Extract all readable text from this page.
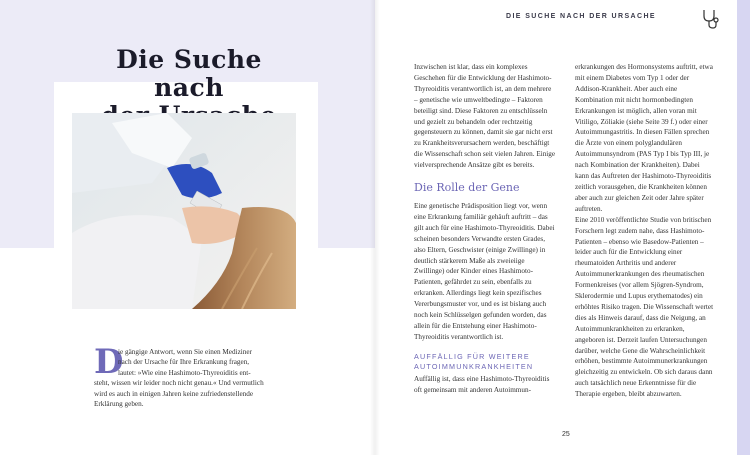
Die Suche nach
D
ie gängige Antwort, wenn Sie einen Mediziner
nach der Ursache für Ihre Erkrankung fragen,
lautet: »Wie eine Hashimoto-Thyreoiditis ent-
steht, wissen wir leider noch nicht genau.« Und vermutlich wird es auch in einigen Jahren keine zufriedenstellende Erklärung geben.
DIE SUCHE NACH DER URSACHE

Inzwischen ist klar, dass ein komplexes Geschehen für die Entwicklung der Hashimoto-Thyreoiditis verantwortlich ist, an dem mehrere – genetische wie umweltbedingte – Faktoren beteiligt sind. Diese Faktoren zu entschlüsseln und gezielt zu behandeln oder rechtzeitig gegensteuern zu können, damit sie gar nicht erst zu Krankheitsverursachern werden, beschäftigt die Wissenschaft schon seit vielen Jahren. Einige vielversprechende Ansätze gibt es bereits.

Die Rolle der Gene

Eine genetische Prädisposition liegt vor, wenn eine Erkrankung familiär gehäuft auftritt – das gilt auch für eine Hashimoto-Thyreoiditis. Dabei scheinen besonders Verwandte ersten Grades, also Eltern, Geschwister (einige Zwillinge) in deutlich stärkerem Maße als zweieiige Zwillinge) oder Kinder eines Hashimoto-Patienten, gefährdet zu sein, ebenfalls zu erkranken. Allerdings liegt kein spezifisches Vererbungsmuster vor, und es ist bislang auch noch kein Schlüsselgen gefunden worden, das allein für die Entstehung einer Hashimoto-Thyreoiditis verantwortlich ist.

AUFFÄLLIG FÜR WEITERE AUTOIMMUNKRANKHEITEN

Auffällig ist, dass eine Hashimoto-Thyreoiditis oft gemeinsam mit anderen Autoimmun-

erkrankungen des Hormonsystems auftritt, etwa mit einem Diabetes vom Typ 1 oder der Addison-Krankheit. Aber auch eine Kombination mit nicht hormonbedingten Erkrankungen ist möglich, allen voran mit Vitiligo, Zöliakie (siehe Seite 39 f.) oder einer Autoimmungastritis. In diesen Fällen sprechen die Ärzte von einem polyglandulären Autoimmunsyndrom (PAS Typ I bis Typ III, je nach Kombination der Krankheiten). Dabei kann das Auftreten der Hashimoto-Thyreoiditis zeitlich vorausgehen, die Krankheiten können aber auch zur gleichen Zeit oder Jahre später auftreten.

Eine 2010 veröffentlichte Studie von britischen Forschern legt zudem nahe, dass Hashimoto-Patienten – ebenso wie Basedow-Patienten – leider auch für die Entwicklung einer rheumatoiden Arthritis und anderer Autoimmunerkrankungen des rheumatischen Formenkreises (vor allem Sjögren-Syndrom, Sklerodermie und Lupus erythematodes) ein erhöhtes Risiko tragen. Die Wissenschaft wertet dies als Hinweis darauf, dass die Neigung, an Autoimmunkrankheiten zu erkranken, angeboren ist. Derzeit laufen Untersuchungen darüber, welche Gene die Wahrscheinlichkeit erhöhen, bestimmte Autoimmunerkrankungen gleichzeitig zu entwickeln. Ob sich daraus dann auch tatsächlich neue Erkenntnisse für die Therapie ergeben, bleibt abzuwarten.

25
